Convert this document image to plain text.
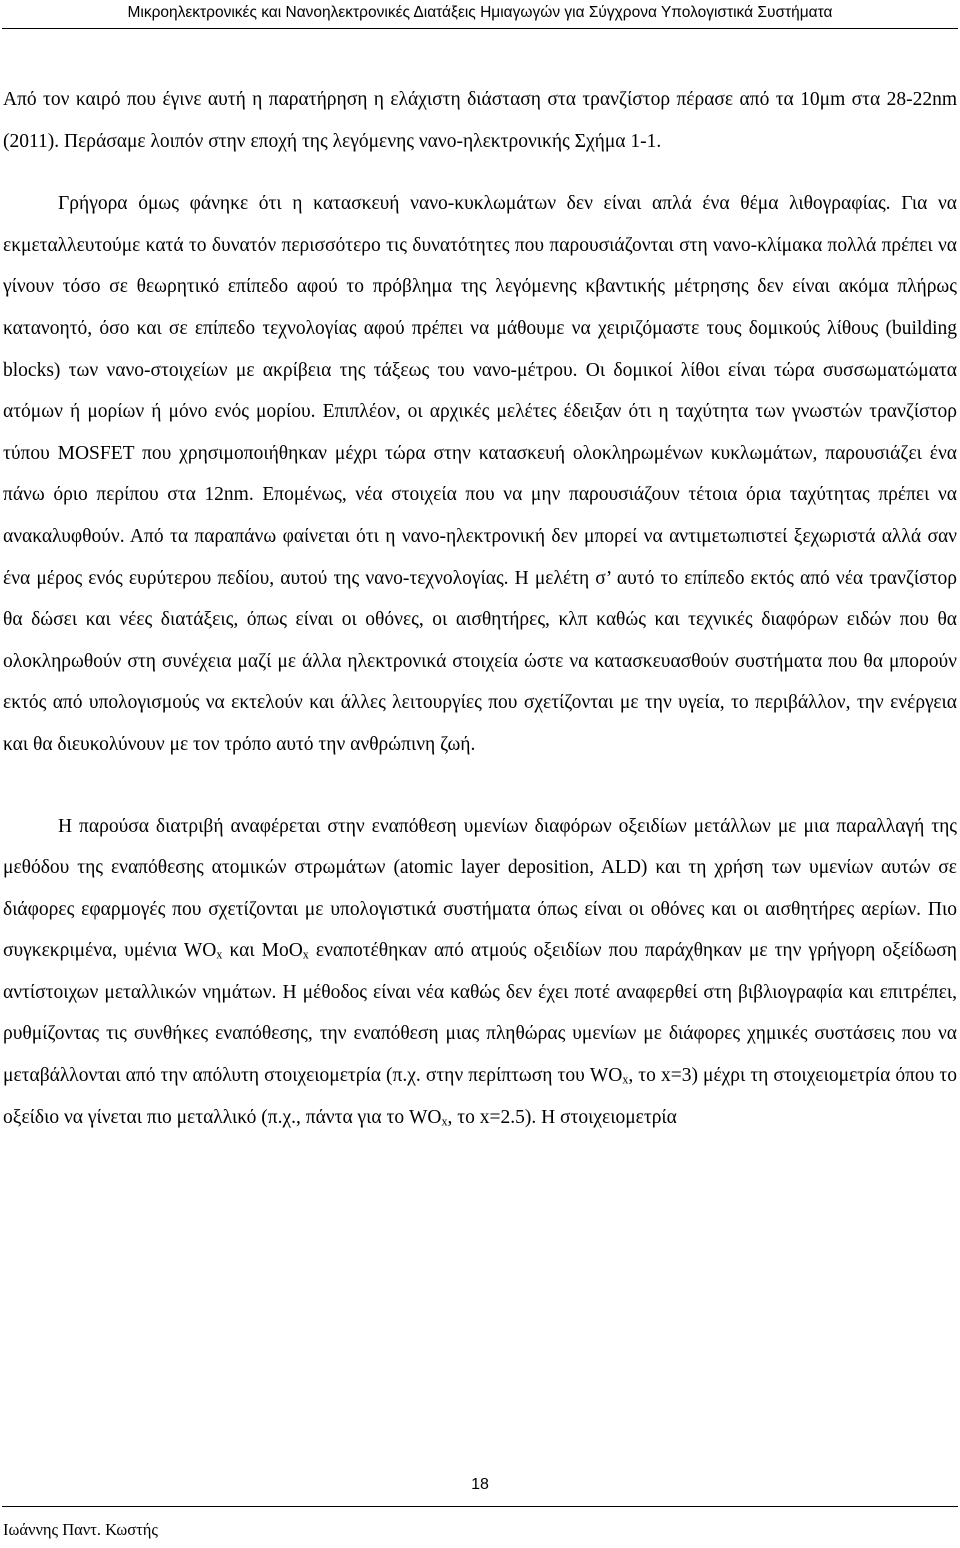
Μικροηλεκτρονικές και Νανοηλεκτρονικές Διατάξεις Ημιαγωγών για Σύγχρονα Υπολογιστικά Συστήματα

Από τον καιρό που έγινε αυτή η παρατήρηση η ελάχιστη διάσταση στα τρανζίστορ πέρασε από τα 10μm στα 28-22nm (2011). Περάσαμε λοιπόν στην εποχή της λεγόμενης νανο-ηλεκτρονικής Σχήμα 1-1.

Γρήγορα όμως φάνηκε ότι η κατασκευή νανο-κυκλωμάτων δεν είναι απλά ένα θέμα λιθογραφίας. Για να εκμεταλλευτούμε κατά το δυνατόν περισσότερο τις δυνατότητες που παρουσιάζονται στη νανο-κλίμακα πολλά πρέπει να γίνουν τόσο σε θεωρητικό επίπεδο αφού το πρόβλημα της λεγόμενης κβαντικής μέτρησης δεν είναι ακόμα πλήρως κατανοητό, όσο και σε επίπεδο τεχνολογίας αφού πρέπει να μάθουμε να χειριζόμαστε τους δομικούς λίθους (building blocks) των νανο-στοιχείων με ακρίβεια της τάξεως του νανο-μέτρου. Οι δομικοί λίθοι είναι τώρα συσσωματώματα ατόμων ή μορίων ή μόνο ενός μορίου. Επιπλέον, οι αρχικές μελέτες έδειξαν ότι η ταχύτητα των γνωστών τρανζίστορ τύπου MOSFET που χρησιμοποιήθηκαν μέχρι τώρα στην κατασκευή ολοκληρωμένων κυκλωμάτων, παρουσιάζει ένα πάνω όριο περίπου στα 12nm. Επομένως, νέα στοιχεία που να μην παρουσιάζουν τέτοια όρια ταχύτητας πρέπει να ανακαλυφθούν. Από τα παραπάνω φαίνεται ότι η νανο-ηλεκτρονική δεν μπορεί να αντιμετωπιστεί ξεχωριστά αλλά σαν ένα μέρος ενός ευρύτερου πεδίου, αυτού της νανο-τεχνολογίας. Η μελέτη σ’ αυτό το επίπεδο εκτός από νέα τρανζίστορ θα δώσει και νέες διατάξεις, όπως είναι οι οθόνες, οι αισθητήρες, κλπ καθώς και τεχνικές διαφόρων ειδών που θα ολοκληρωθούν στη συνέχεια μαζί με άλλα ηλεκτρονικά στοιχεία ώστε να κατασκευασθούν συστήματα που θα μπορούν εκτός από υπολογισμούς να εκτελούν και άλλες λειτουργίες που σχετίζονται με την υγεία, το περιβάλλον, την ενέργεια και θα διευκολύνουν με τον τρόπο αυτό την ανθρώπινη ζωή.

Η παρούσα διατριβή αναφέρεται στην εναπόθεση υμενίων διαφόρων οξειδίων μετάλλων με μια παραλλαγή της μεθόδου της εναπόθεσης ατομικών στρωμάτων (atomic layer deposition, ALD) και τη χρήση των υμενίων αυτών σε διάφορες εφαρμογές που σχετίζονται με υπολογιστικά συστήματα όπως είναι οι οθόνες και οι αισθητήρες αερίων. Πιο συγκεκριμένα, υμένια $WO_x$ και MoO$_x$ εναποτέθηκαν από ατμούς οξειδίων που παράχθηκαν με την γρήγορη οξείδωση αντίστοιχων μεταλλικών νημάτων. Η μέθοδος είναι νέα καθώς δεν έχει ποτέ αναφερθεί στη βιβλιογραφία και επιτρέπει, ρυθμίζοντας τις συνθήκες εναπόθεσης, την εναπόθεση μιας πληθώρας υμενίων με διάφορες χημικές συστάσεις που να μεταβάλλονται από την απόλυτη στοιχειομετρία (π.χ. στην περίπτωση του $WO_x$, το x=3) μέχρι τη στοιχειομετρία όπου το οξείδιο να γίνεται πιο μεταλλικό (π.χ., πάντα για το $WO_x$, το x=2.5). Η στοιχειομετρία

18
Ιωάννης Παντ. Κωστής
